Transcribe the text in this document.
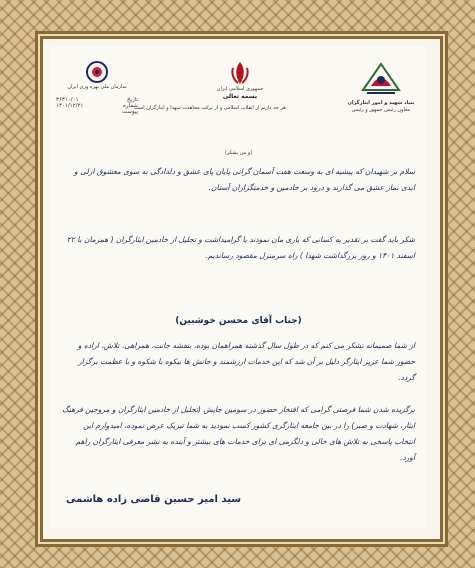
بنیاد شهید و امور ایثارگران
معاون رئیس جمهور و رئیس
جمهوری اسلامی ایران
بسمه تعالی
هر چه داریم از انقلاب اسلامی و از برکت مجاهدت شهدا و ایثارگران است
سازمان ملی بهره وری ایران
تاریخ
۳۶۳۱۰/۰۱
شماره
۱۴۰۱/۱۲/۲۱
پیوست
(و من یشکر)
سلام بر شهیدان که پیشیه ای به وسعت هفت آسمان گرانی پایان پای عشق و دلدادگی به سوی معشوق ازلی و ابدی نماز عشق می گذارند و درود بر خادمین و خدمتگزاران آستان.
شکر باید گفت بر تقدیر به کسانی که یاری مان نمودند با گرامیداشت و تجلیل از خادمین ایثارگران ( همزمان با ۲۲ اسفند ۱۴۰۱ و روز بزرگداشت شهدا ) راه سرمنزل مقصود رساندیم.
(جناب آقای محسن خوشبین)
از شما صمیمانه تشکر می کنم که در طول سال گذشته همراهمان بوده، بنفشه جانت، همراهی، تلاش، اراده و حضور شما عزیز ایثارگر دلیل بر آن شد که این خدمات ارزشمند و جانش ها بیکوه با شکوه و با عظمت برگزار گردد.
برگزیده شدن شما فرصتی گرامی که افتخار حضور در سومین جایش (تجلیل از خادمین ایثارگران و مروجین فرهنگ ایثار، شهادت و صبر) را در بین جامعه ایثارگری کشور کسب نمودید به شما تبریک عرض نموده، امیدوارم این انتخاب پاسخی به تلاش های خالی و دلگرمی ای برای خدمات های بیشتر و آینده به نشر معرفی ایثارگران راهم آورد.
سید امیر حسین قاضی زاده هاشمی
